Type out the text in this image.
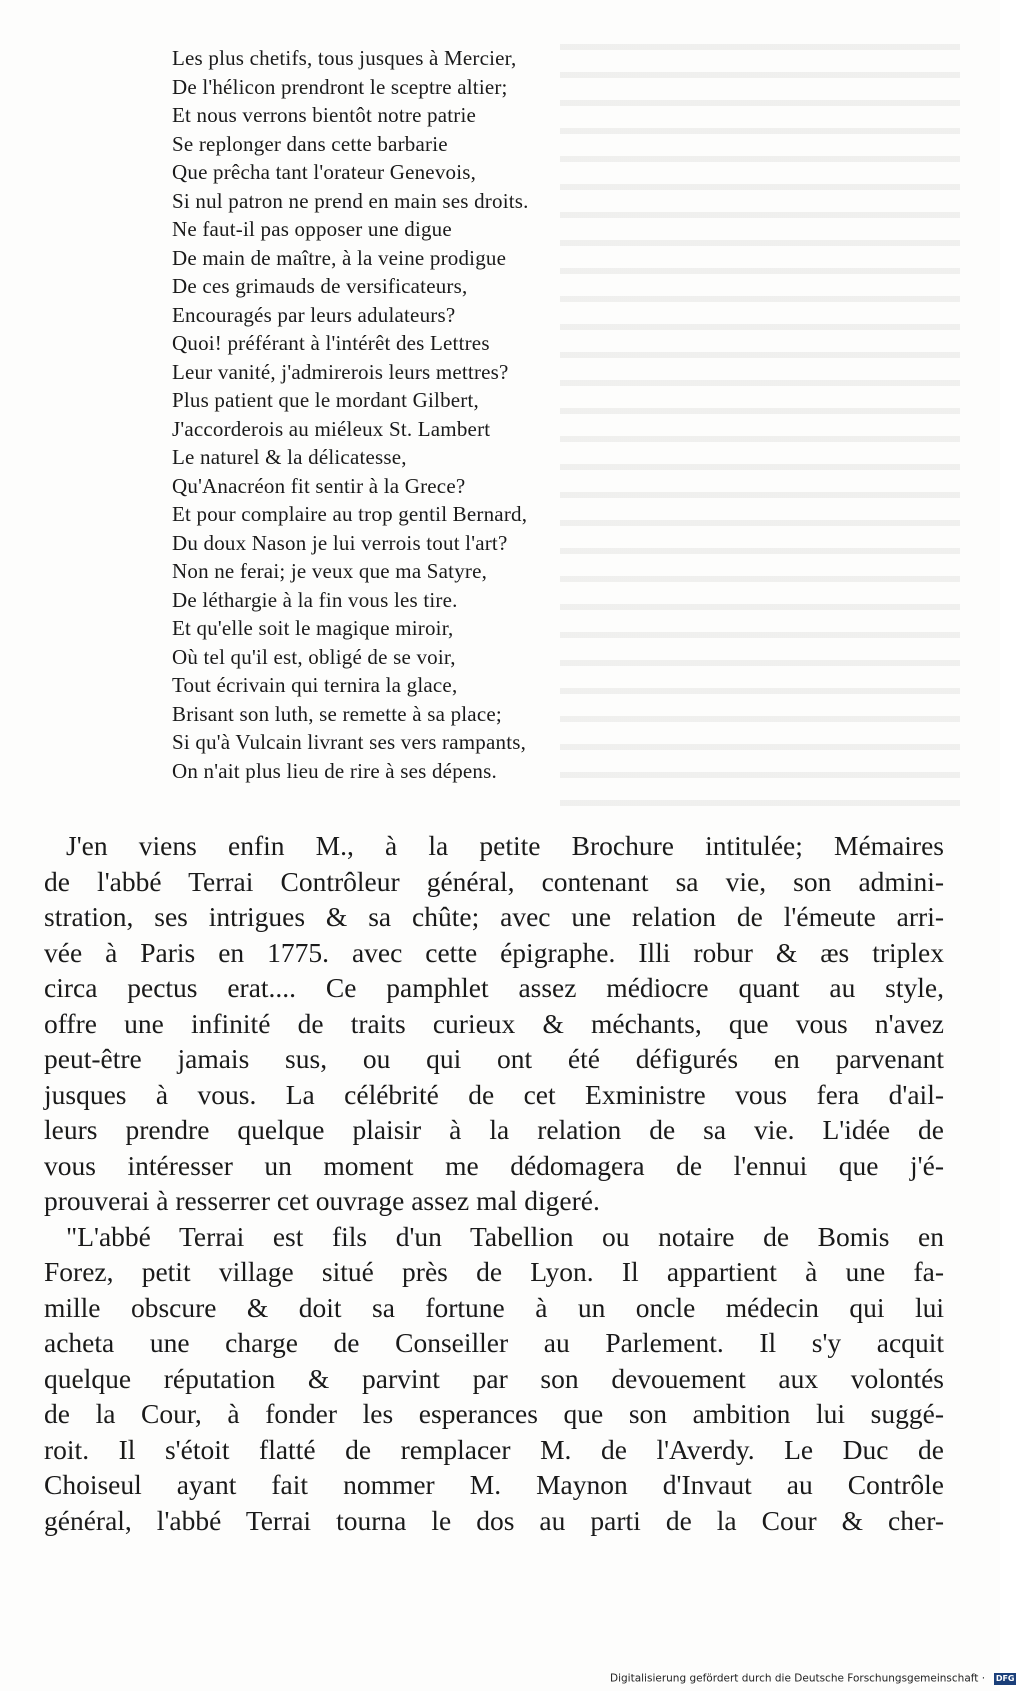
Les plus chetifs, tous jusques à Mercier,
De l'hélicon prendront le sceptre altier;
Et nous verrons bientôt notre patrie
Se replonger dans cette barbarie
Que prêcha tant l'orateur Genevois,
Si nul patron ne prend en main ses droits.
Ne faut-il pas opposer une digue
De main de maître, à la veine prodigue
De ces grimauds de versificateurs,
Encouragés par leurs adulateurs?
Quoi! préférant à l'intérêt des Lettres
Leur vanité, j'admirerois leurs mettres?
Plus patient que le mordant Gilbert,
J'accorderois au miéleux St. Lambert
Le naturel & la délicatesse,
Qu'Anacréon fit sentir à la Grece?
Et pour complaire au trop gentil Bernard,
Du doux Nason je lui verrois tout l'art?
Non ne ferai; je veux que ma Satyre,
De léthargie à la fin vous les tire.
Et qu'elle soit le magique miroir,
Où tel qu'il est, obligé de se voir,
Tout écrivain qui ternira la glace,
Brisant son luth, se remette à sa place;
Si qu'à Vulcain livrant ses vers rampants,
On n'ait plus lieu de rire à ses dépens.
J'en viens enfin M., à la petite Brochure intitulée; Mémaires
de l'abbé Terrai Contrôleur général, contenant sa vie, son admini-
stration, ses intrigues & sa chûte; avec une relation de l'émeute arri-
vée à Paris en 1775. avec cette épigraphe. Illi robur & æs triplex
circa pectus erat.... Ce pamphlet assez médiocre quant au style,
offre une infinité de traits curieux & méchants, que vous n'avez
peut-être jamais sus, ou qui ont été défigurés en parvenant
jusques à vous. La célébrité de cet Exministre vous fera d'ail-
leurs prendre quelque plaisir à la relation de sa vie. L'idée de
vous intéresser un moment me dédomagera de l'ennui que j'é-
prouverai à resserrer cet ouvrage assez mal digeré.
"L'abbé Terrai est fils d'un Tabellion ou notaire de Bomis en
Forez, petit village situé près de Lyon. Il appartient à une fa-
mille obscure & doit sa fortune à un oncle médecin qui lui
acheta une charge de Conseiller au Parlement. Il s'y acquit
quelque réputation & parvint par son devouement aux volontés
de la Cour, à fonder les esperances que son ambition lui suggé-
roit. Il s'étoit flatté de remplacer M. de l'Averdy. Le Duc de
Choiseul ayant fait nommer M. Maynon d'Invaut au Contrôle
général, l'abbé Terrai tourna le dos au parti de la Cour & cher-
Digitalisierung gefördert durch die Deutsche Forschungsgemeinschaft · DFG
